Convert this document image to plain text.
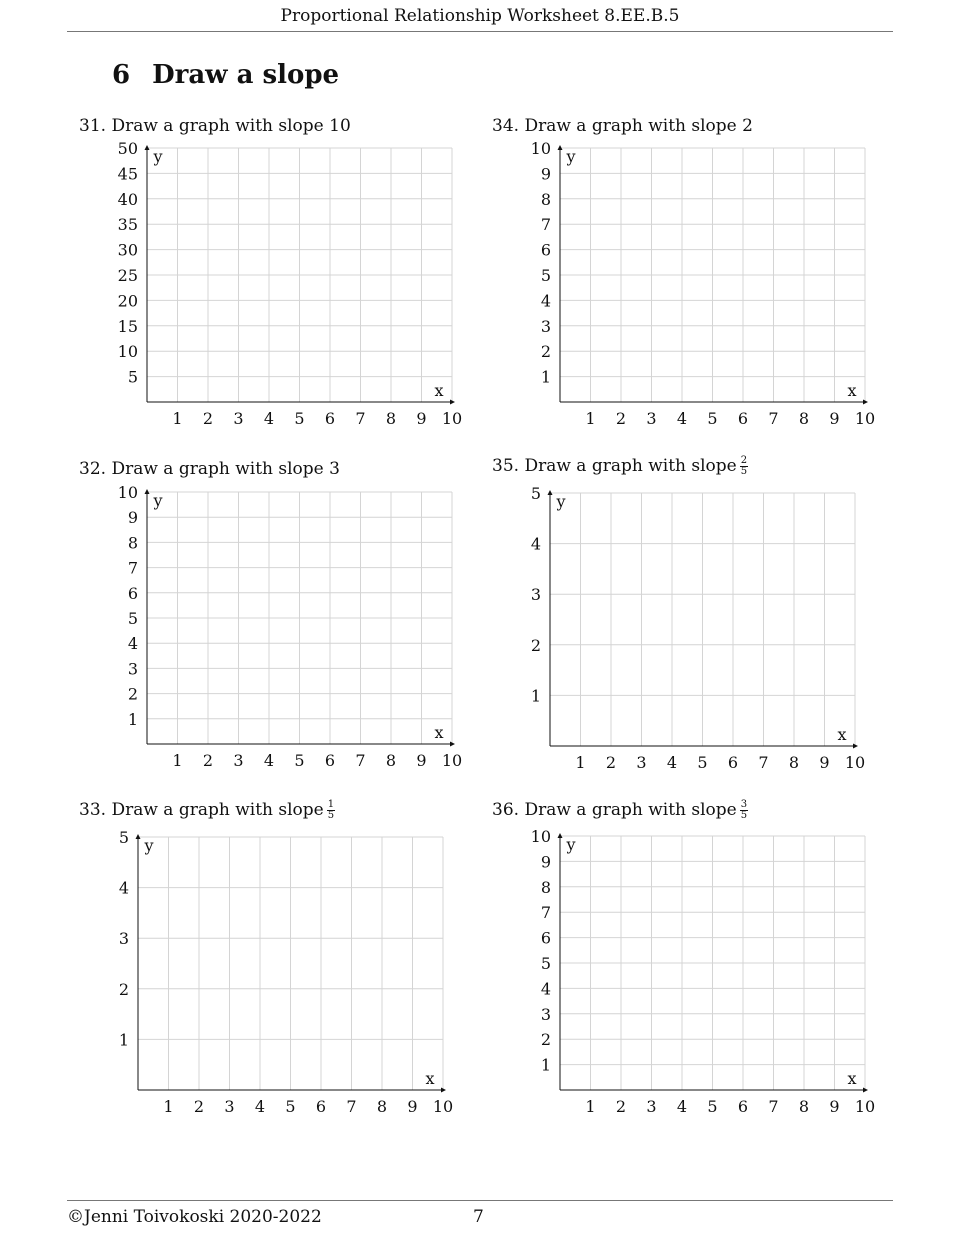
Proportional Relationship Worksheet 8.EE.B.5
6 Draw a slope
31. Draw a graph with slope 10
32. Draw a graph with slope 3
33. Draw a graph with slope $\frac{1}{5}$
34. Draw a graph with slope 2
35. Draw a graph with slope $\frac{2}{5}$
36. Draw a graph with slope $\frac{3}{5}$
1 2 3 4 5 6 7 8 9 10
5
10
15
20
25
30
35
40
45
50
x
y
1 2 3 4 5 6 7 8 9 10
1
2
3
4
5
6
7
8
9
10
x
y
1 2 3 4 5 6 7 8 9 10
1
2
3
4
5
x
y
1 2 3 4 5 6 7 8 9 10
1
2
3
4
5
6
7
8
9
10
x
y
1 2 3 4 5 6 7 8 9 10
1
2
3
4
5
x
y
1 2 3 4 5 6 7 8 9 10
1
2
3
4
5
6
7
8
9
10
x
y
©Jenni Toivokoski 2020-2022	7
